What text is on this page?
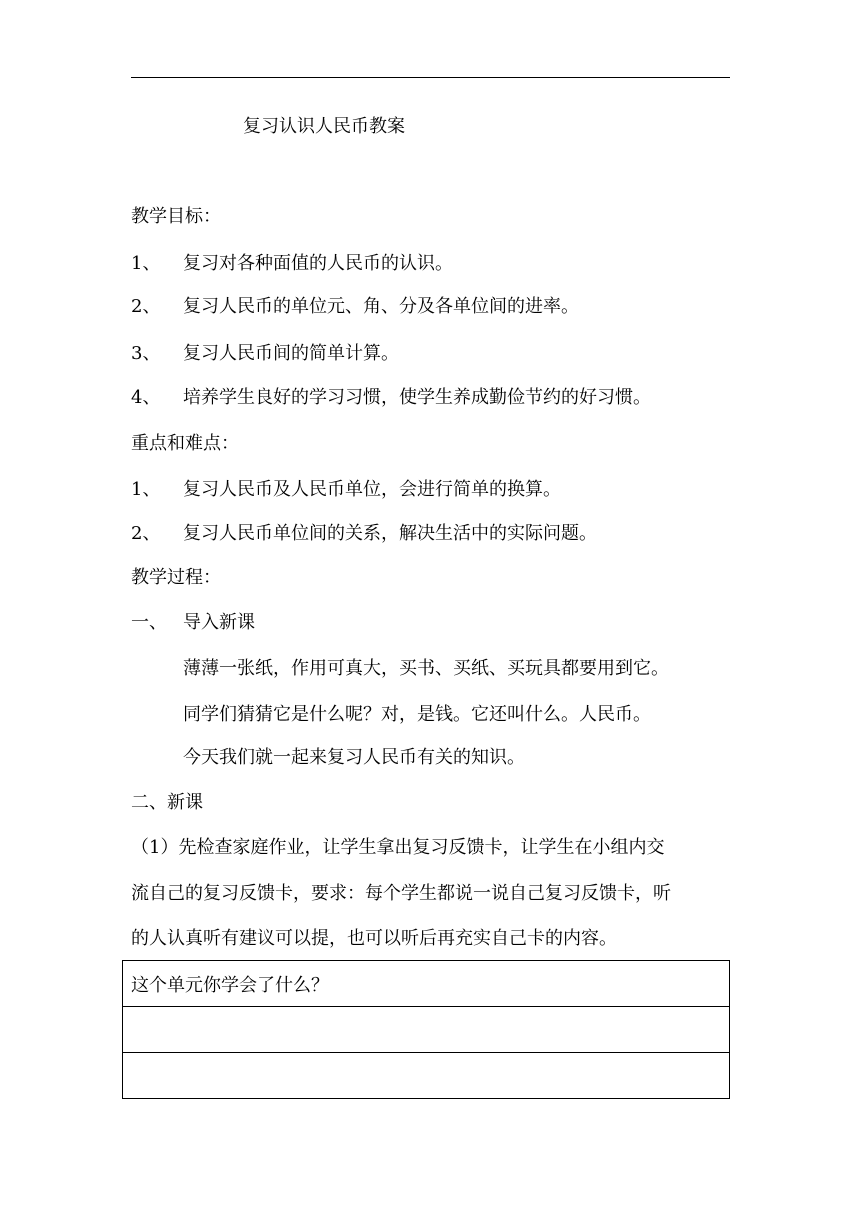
复习认识人民币教案
教学目标：
1、 复习对各种面值的人民币的认识。
2、 复习人民币的单位元、角、分及各单位间的进率。
3、 复习人民币间的简单计算。
4、 培养学生良好的学习习惯，使学生养成勤俭节约的好习惯。
重点和难点：
1、 复习人民币及人民币单位，会进行简单的换算。
2、 复习人民币单位间的关系，解决生活中的实际问题。
教学过程：
一、 导入新课
薄薄一张纸，作用可真大，买书、买纸、买玩具都要用到它。
同学们猜猜它是什么呢？对，是钱。它还叫什么。人民币。
今天我们就一起来复习人民币有关的知识。
二、新课
（1）先检查家庭作业，让学生拿出复习反馈卡，让学生在小组内交
流自己的复习反馈卡，要求：每个学生都说一说自己复习反馈卡，听
的人认真听有建议可以提，也可以听后再充实自己卡的内容。
这个单元你学会了什么？
